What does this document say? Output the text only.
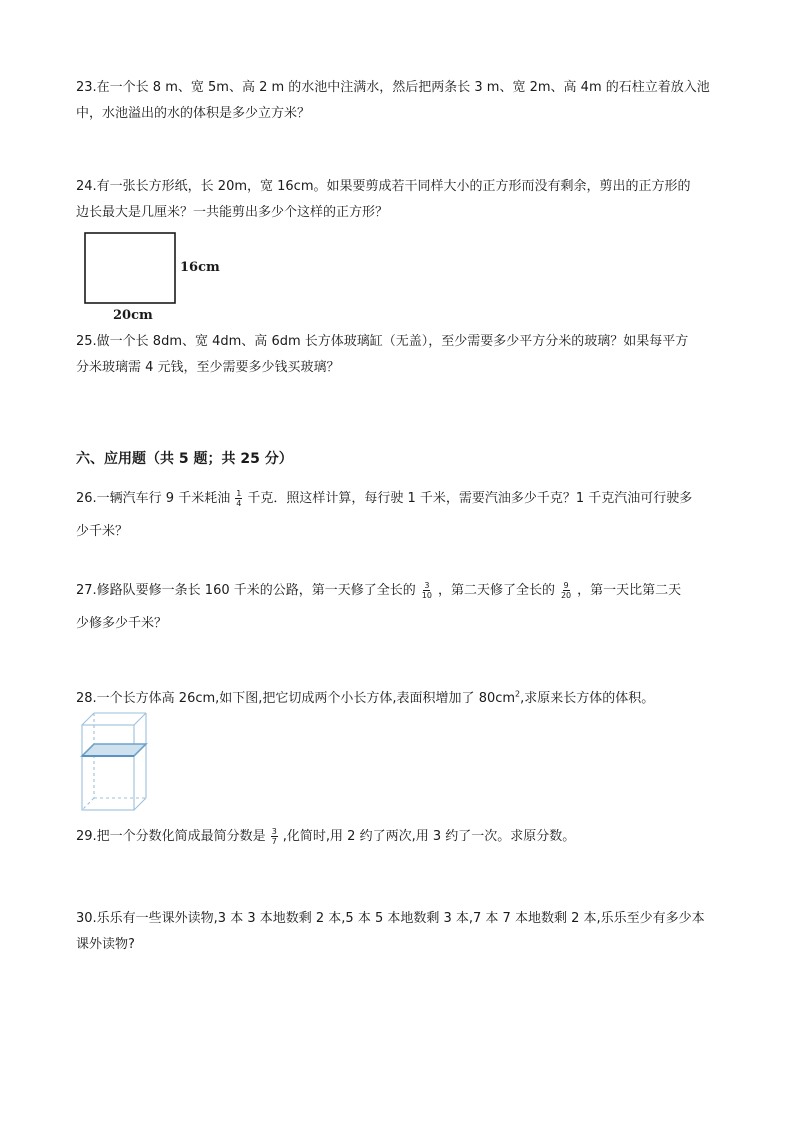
23.在一个长 8 m、宽 5m、高 2 m 的水池中注满水，然后把两条长 3 m、宽 2m、高 4m 的石柱立着放入池
中，水池溢出的水的体积是多少立方米？
24.有一张长方形纸，长 20m，宽 16cm。如果要剪成若干同样大小的正方形而没有剩余，剪出的正方形的
边长最大是几厘米？一共能剪出多少个这样的正方形？
16cm
20cm
25.做一个长 8dm、宽 4dm、高 6dm 长方体玻璃缸（无盖），至少需要多少平方分米的玻璃？如果每平方
分米玻璃需 4 元钱，至少需要多少钱买玻璃？
六、应用题（共 5 题；共 25 分）
26.一辆汽车行 9 千米耗油 $\frac{1}{4}$ 千克．照这样计算，每行驶 1 千米，需要汽油多少千克？1 千克汽油可行驶多
少千米？
27.修路队要修一条长 160 千米的公路，第一天修了全长的 $\frac{3}{10}$ ，第二天修了全长的 $\frac{9}{20}$ ，第一天比第二天
少修多少千米？
28.一个长方体高 26cm,如下图,把它切成两个小长方体,表面积增加了 $80cm^2$,求原来长方体的体积。
29.把一个分数化简成最简分数是 $\frac{3}{7}$ ,化简时,用 2 约了两次,用 3 约了一次。求原分数。
30.乐乐有一些课外读物,3 本 3 本地数剩 2 本,5 本 5 本地数剩 3 本,7 本 7 本地数剩 2 本,乐乐至少有多少本
课外读物?
